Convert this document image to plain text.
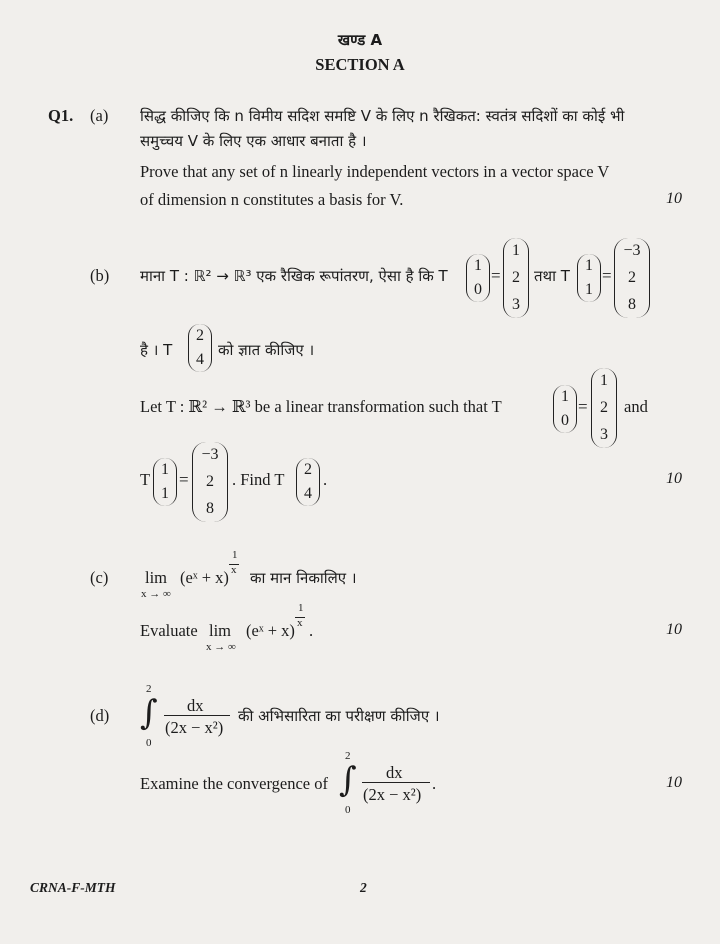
खण्ड A
SECTION A
Q1. (a) सिद्ध कीजिए कि n विमीय सदिश समष्टि V के लिए n रैखिकत: स्वतंत्र सदिशों का कोई भी
समुच्चय V के लिए एक आधार बनाता है ।
Prove that any set of n linearly independent vectors in a vector space V
of dimension n constitutes a basis for V.	10
(b) माना T : ℝ² → ℝ³ एक रैखिक रूपांतरण, ऐसा है कि T
1
0
=
1
2
3
तथा T
1
1
=
−3
2
8
है । T
2
4
को ज्ञात कीजिए ।
Let T : ℝ² → ℝ³ be a linear transformation such that T
1
0
=
1
2
3
and
T
1
1
=
−3
2
8
. Find T
2
4
.	10
(c) lim
x → ∞
(eˣ + x)
1
x का मान निकालिए ।
Evaluate lim
x → ∞
(eˣ + x)
1
x .	10
(d)
2
∫
0
dx
(2x − x²)
की अभिसारिता का परीक्षण कीजिए ।
Examine the convergence of
2
∫
0
dx
(2x − x²)
.	10
CRNA-F-MTH	2
